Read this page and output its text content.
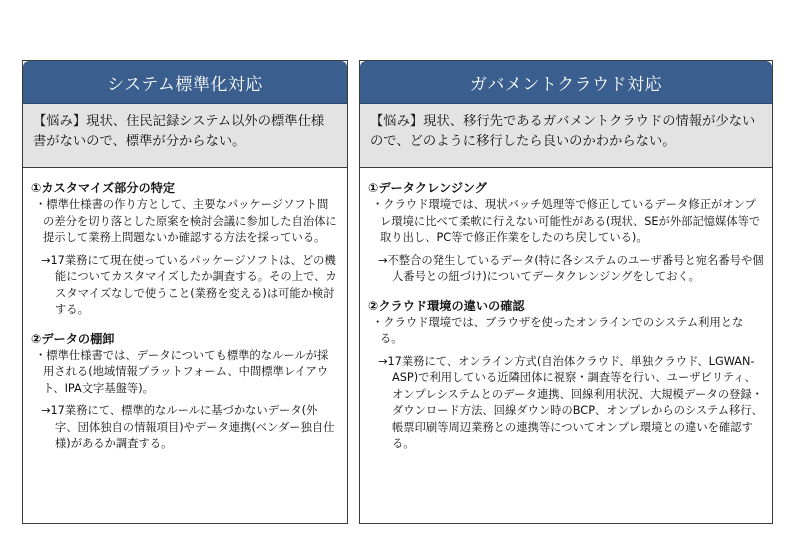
システム標準化対応
【悩み】現状、住民記録システム以外の標準仕様書がないので、標準が分からない。
①カスタマイズ部分の特定
・標準仕様書の作り方として、主要なパッケージソフト間の差分を切り落とした原案を検討会議に参加した自治体に提示して業務上問題ないか確認する方法を採っている。
→17業務にて現在使っているパッケージソフトは、どの機能についてカスタマイズしたか調査する。その上で、カスタマイズなしで使うこと(業務を変える)は可能か検討する。
②データの棚卸
・標準仕様書では、データについても標準的なルールが採用される(地域情報プラットフォーム、中間標準レイアウト、IPA文字基盤等)。
→17業務にて、標準的なルールに基づかないデータ(外字、団体独自の情報項目)やデータ連携(ベンダー独自仕様)があるか調査する。
ガバメントクラウド対応
【悩み】現状、移行先であるガバメントクラウドの情報が少ないので、どのように移行したら良いのかわからない。
①データクレンジング
・クラウド環境では、現状バッチ処理等で修正しているデータ修正がオンプレ環境に比べて柔軟に行えない可能性がある(現状、SEが外部記憶媒体等で取り出し、PC等で修正作業をしたのち戻している)。
→不整合の発生しているデータ(特に各システムのユーザ番号と宛名番号や個人番号との紐づけ)についてデータクレンジングをしておく。
②クラウド環境の違いの確認
・クラウド環境では、ブラウザを使ったオンラインでのシステム利用となる。
→17業務にて、オンライン方式(自治体クラウド、単独クラウド、LGWAN-ASP)で利用している近隣団体に視察・調査等を行い、ユーザビリティ、オンプレシステムとのデータ連携、回線利用状況、大規模データの登録・ダウンロード方法、回線ダウン時のBCP、オンプレからのシステム移行、帳票印刷等周辺業務との連携等についてオンプレ環境との違いを確認する。
